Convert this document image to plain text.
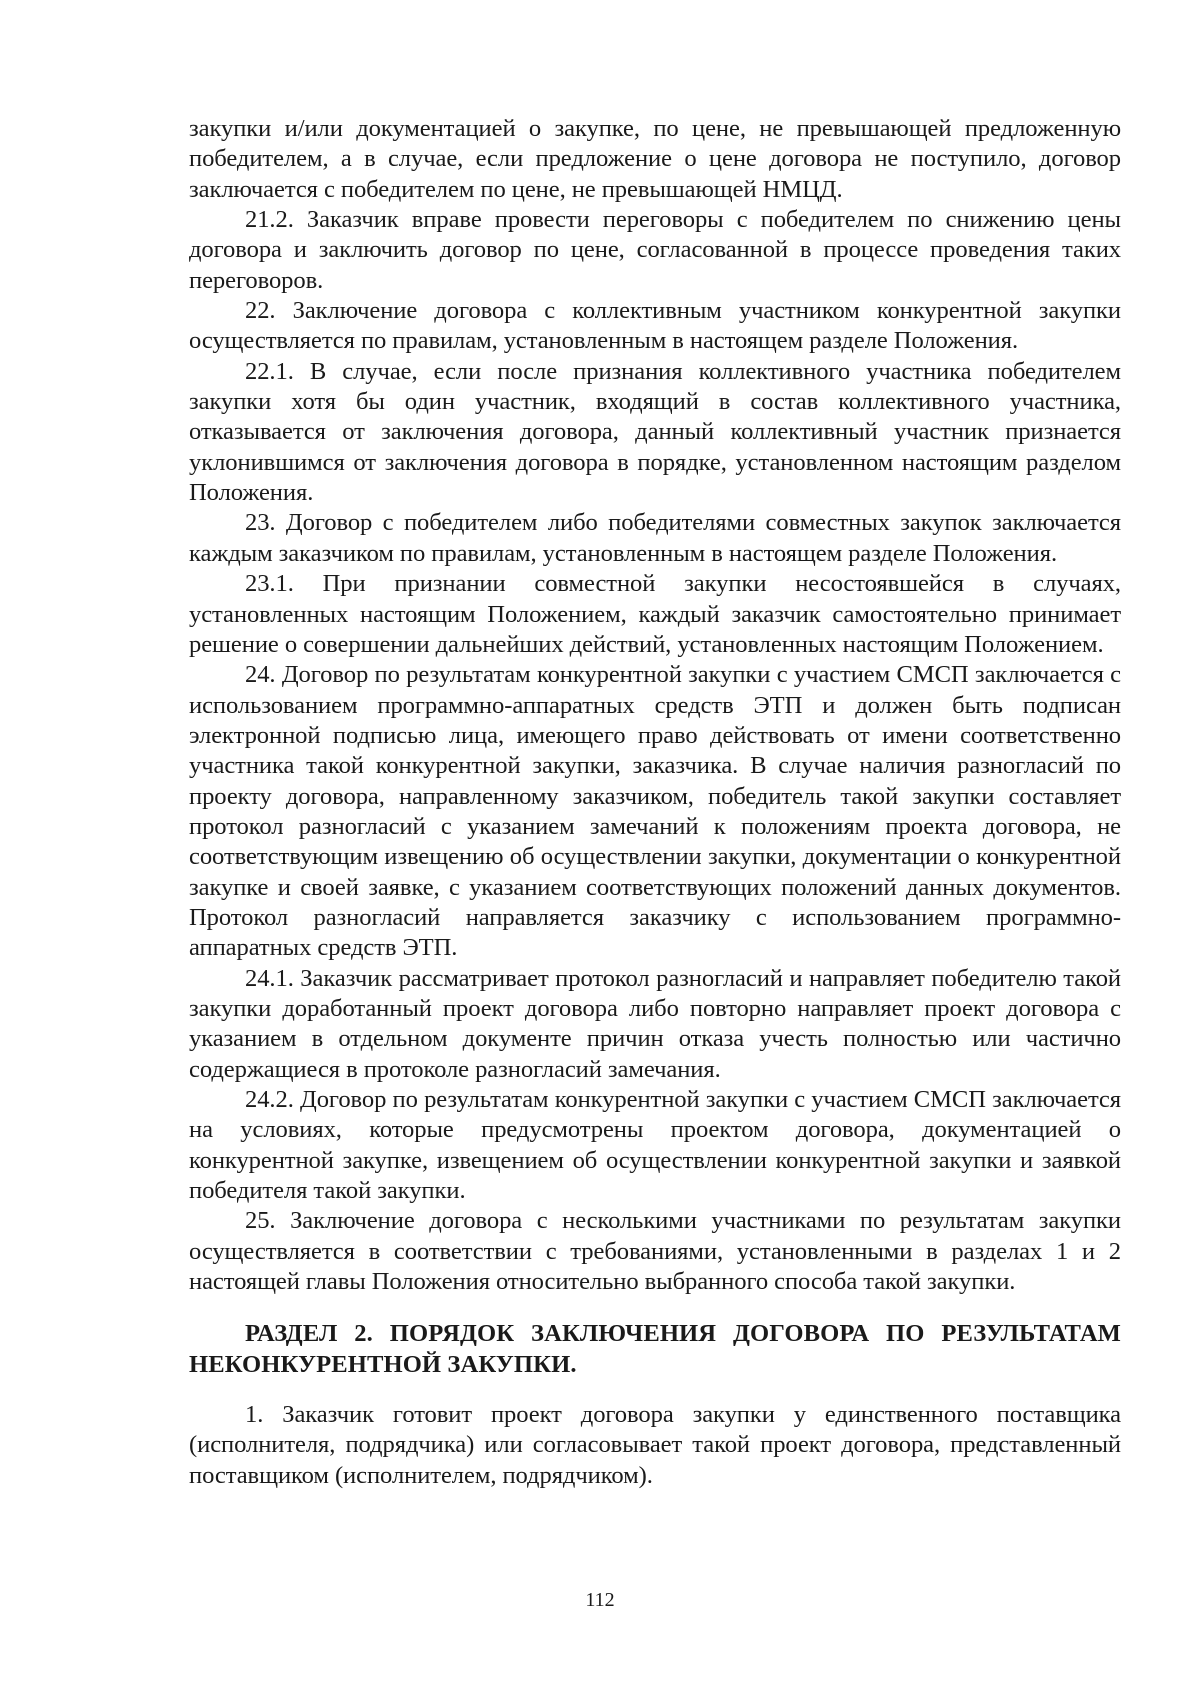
закупки и/или документацией о закупке, по цене, не превышающей предложенную победителем, а в случае, если предложение о цене договора не поступило, договор заключается с победителем по цене, не превышающей НМЦД.

21.2. Заказчик вправе провести переговоры с победителем по снижению цены договора и заключить договор по цене, согласованной в процессе проведения таких переговоров.

22. Заключение договора с коллективным участником конкурентной закупки осуществляется по правилам, установленным в настоящем разделе Положения.

22.1. В случае, если после признания коллективного участника победителем закупки хотя бы один участник, входящий в состав коллективного участника, отказывается от заключения договора, данный коллективный участник признается уклонившимся от заключения договора в порядке, установленном настоящим разделом Положения.

23. Договор с победителем либо победителями совместных закупок заключается каждым заказчиком по правилам, установленным в настоящем разделе Положения.

23.1. При признании совместной закупки несостоявшейся в случаях, установленных настоящим Положением, каждый заказчик самостоятельно принимает решение о совершении дальнейших действий, установленных настоящим Положением.

24. Договор по результатам конкурентной закупки с участием СМСП заключается с использованием программно-аппаратных средств ЭТП и должен быть подписан электронной подписью лица, имеющего право действовать от имени соответственно участника такой конкурентной закупки, заказчика. В случае наличия разногласий по проекту договора, направленному заказчиком, победитель такой закупки составляет протокол разногласий с указанием замечаний к положениям проекта договора, не соответствующим извещению об осуществлении закупки, документации о конкурентной закупке и своей заявке, с указанием соответствующих положений данных документов. Протокол разногласий направляется заказчику с использованием программно-аппаратных средств ЭТП.

24.1. Заказчик рассматривает протокол разногласий и направляет победителю такой закупки доработанный проект договора либо повторно направляет проект договора с указанием в отдельном документе причин отказа учесть полностью или частично содержащиеся в протоколе разногласий замечания.

24.2. Договор по результатам конкурентной закупки с участием СМСП заключается на условиях, которые предусмотрены проектом договора, документацией о конкурентной закупке, извещением об осуществлении конкурентной закупки и заявкой победителя такой закупки.

25. Заключение договора с несколькими участниками по результатам закупки осуществляется в соответствии с требованиями, установленными в разделах 1 и 2 настоящей главы Положения относительно выбранного способа такой закупки.

РАЗДЕЛ 2. ПОРЯДОК ЗАКЛЮЧЕНИЯ ДОГОВОРА ПО РЕЗУЛЬТАТАМ НЕКОНКУРЕНТНОЙ ЗАКУПКИ.

1. Заказчик готовит проект договора закупки у единственного поставщика (исполнителя, подрядчика) или согласовывает такой проект договора, представленный поставщиком (исполнителем, подрядчиком).

112
